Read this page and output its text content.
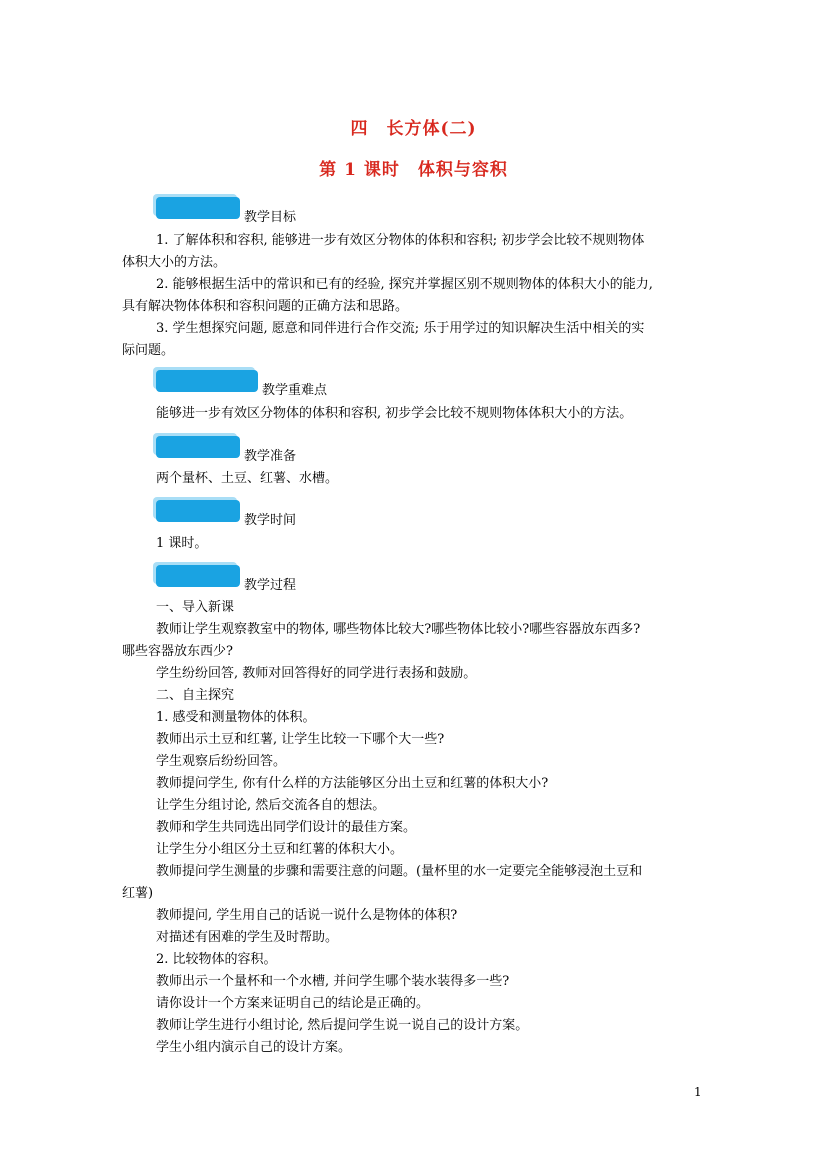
四　长方体(二)
第 1 课时　体积与容积
教学目标
1. 了解体积和容积, 能够进一步有效区分物体的体积和容积; 初步学会比较不规则物体
体积大小的方法。
2. 能够根据生活中的常识和已有的经验, 探究并掌握区别不规则物体的体积大小的能力,
具有解决物体体积和容积问题的正确方法和思路。
3. 学生想探究问题, 愿意和同伴进行合作交流; 乐于用学过的知识解决生活中相关的实
际问题。
教学重难点
能够进一步有效区分物体的体积和容积, 初步学会比较不规则物体体积大小的方法。
教学准备
两个量杯、土豆、红薯、水槽。
教学时间
1 课时。
教学过程
一、导入新课
教师让学生观察教室中的物体, 哪些物体比较大?哪些物体比较小?哪些容器放东西多?
哪些容器放东西少?
学生纷纷回答, 教师对回答得好的同学进行表扬和鼓励。
二、自主探究
1. 感受和测量物体的体积。
教师出示土豆和红薯, 让学生比较一下哪个大一些?
学生观察后纷纷回答。
教师提问学生, 你有什么样的方法能够区分出土豆和红薯的体积大小?
让学生分组讨论, 然后交流各自的想法。
教师和学生共同选出同学们设计的最佳方案。
让学生分小组区分土豆和红薯的体积大小。
教师提问学生测量的步骤和需要注意的问题。(量杯里的水一定要完全能够浸泡土豆和
红薯)
教师提问, 学生用自己的话说一说什么是物体的体积?
对描述有困难的学生及时帮助。
2. 比较物体的容积。
教师出示一个量杯和一个水槽, 并问学生哪个装水装得多一些?
请你设计一个方案来证明自己的结论是正确的。
教师让学生进行小组讨论, 然后提问学生说一说自己的设计方案。
学生小组内演示自己的设计方案。
1
